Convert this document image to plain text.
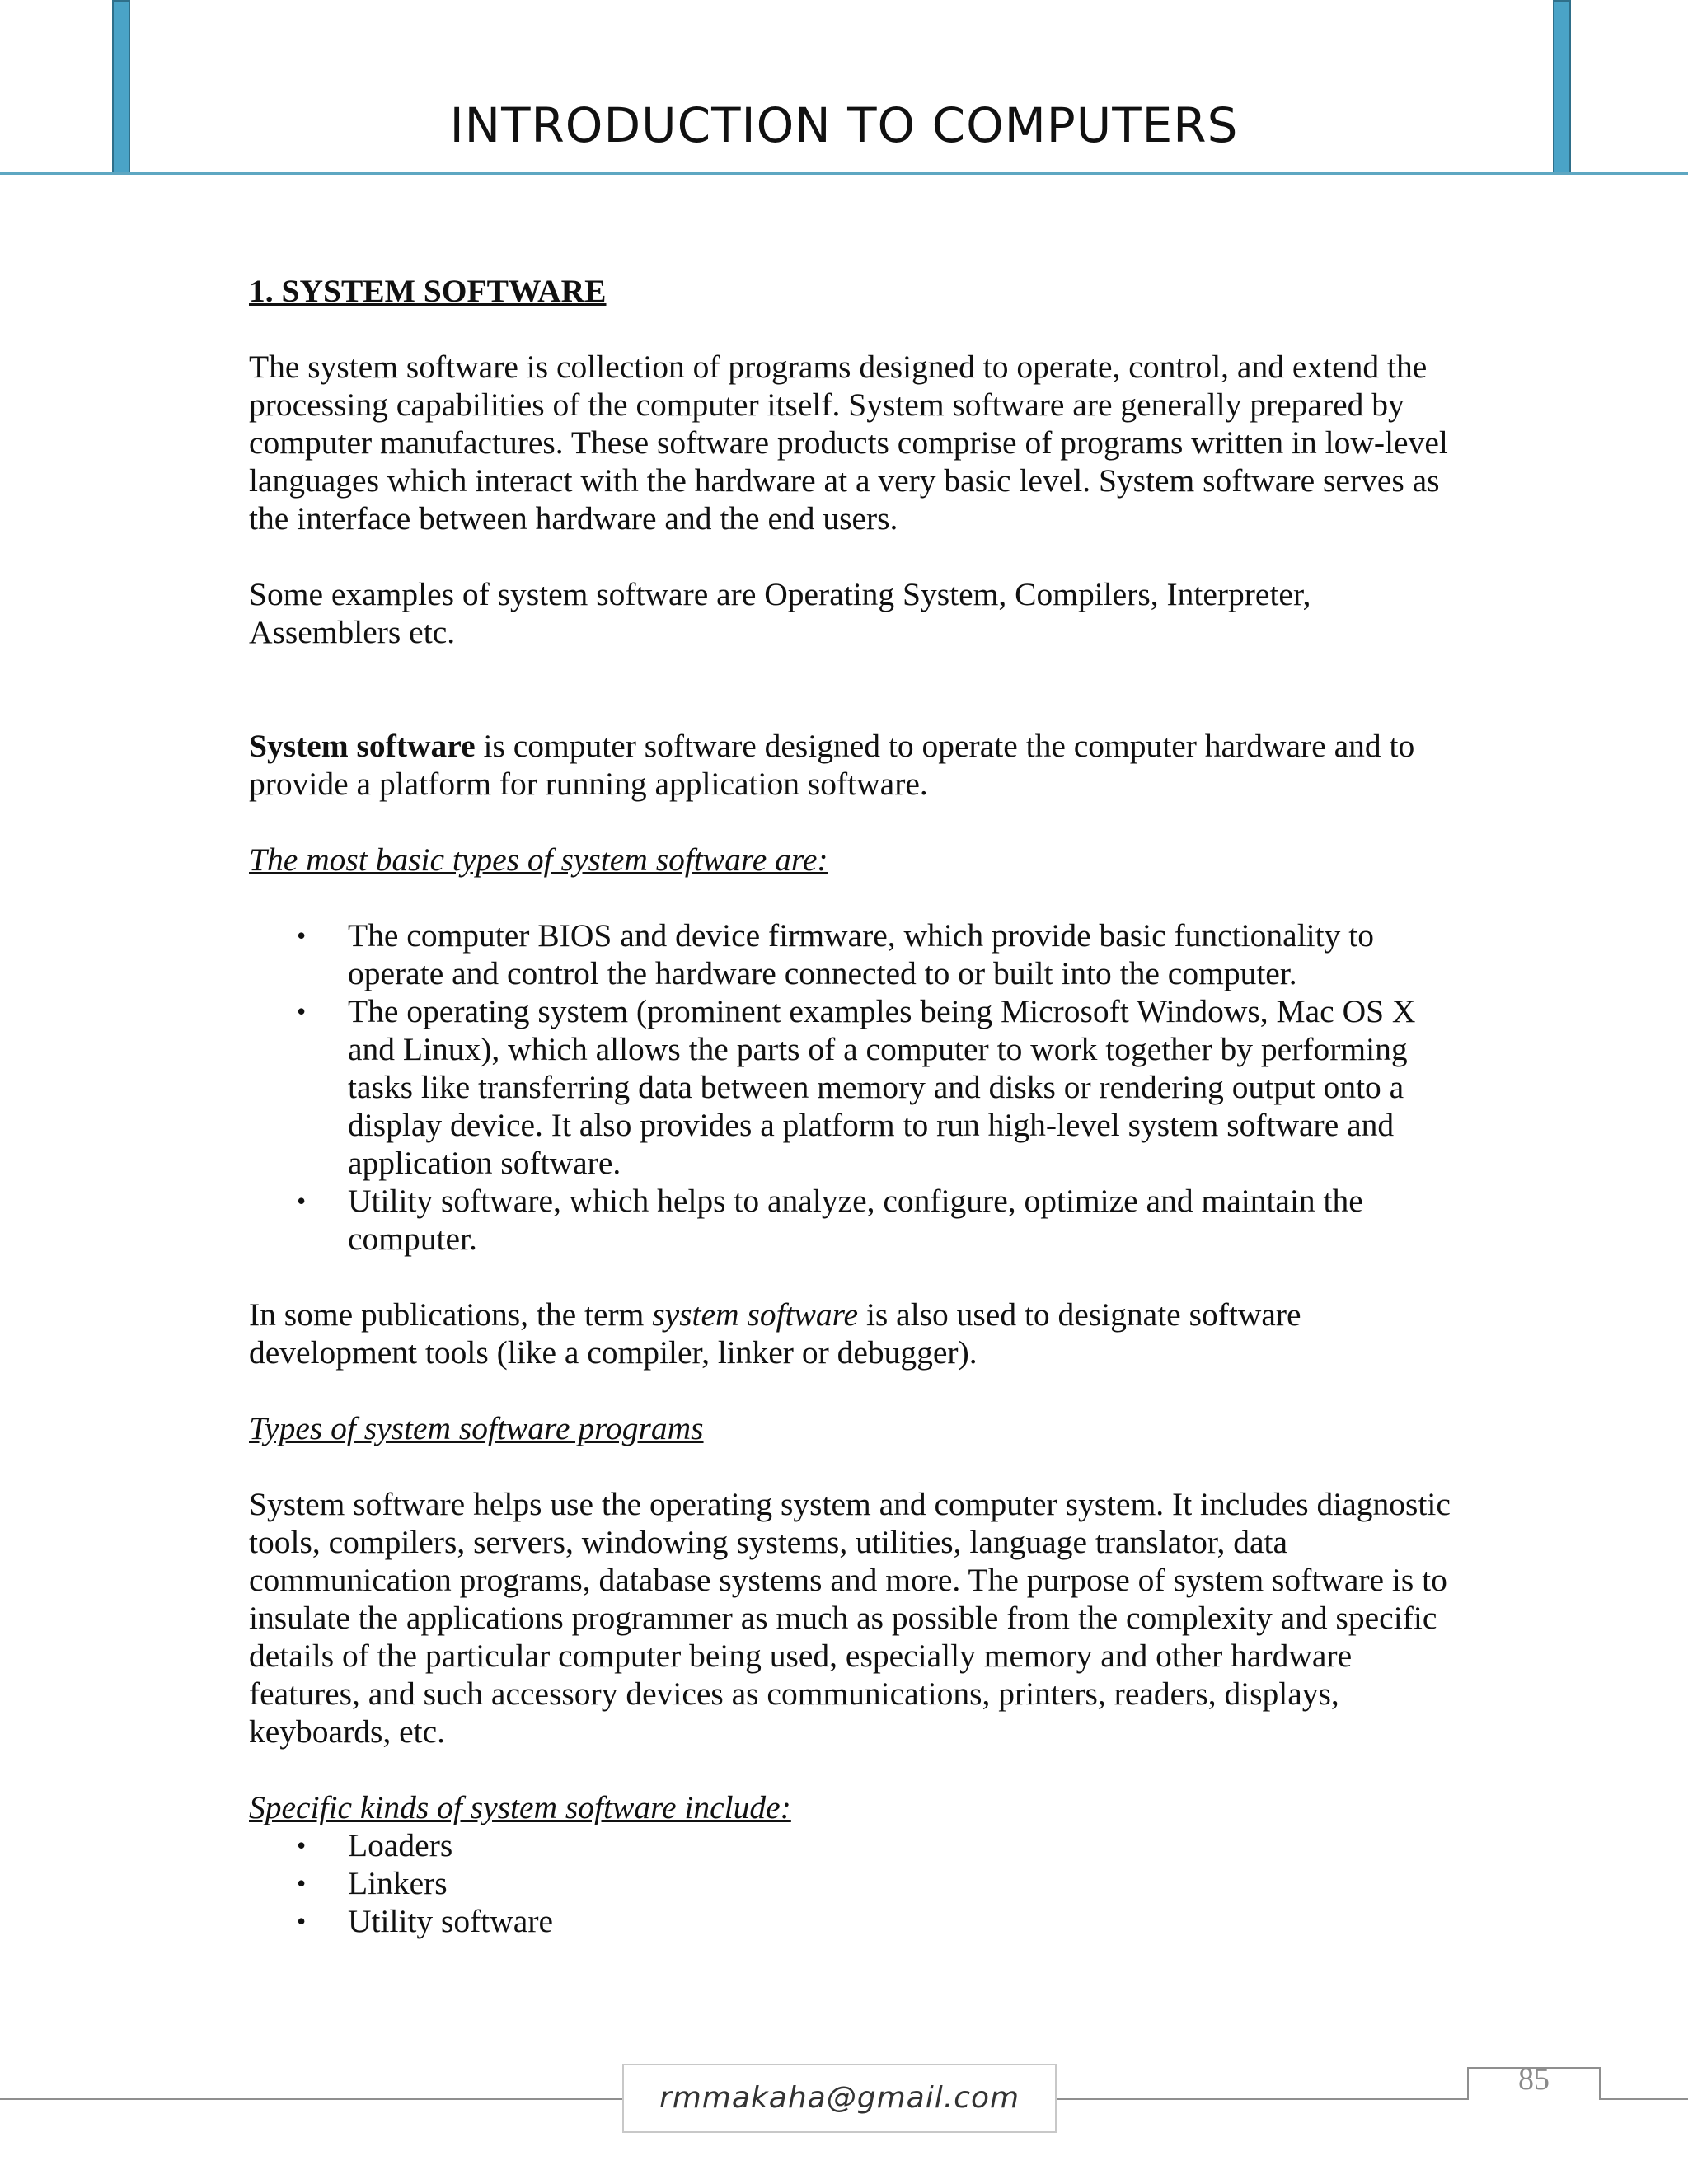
INTRODUCTION TO COMPUTERS

1. SYSTEM SOFTWARE

The system software is collection of programs designed to operate, control, and extend the processing capabilities of the computer itself. System software are generally prepared by computer manufactures. These software products comprise of programs written in low-level languages which interact with the hardware at a very basic level. System software serves as the interface between hardware and the end users.

Some examples of system software are Operating System, Compilers, Interpreter, Assemblers etc.

System software is computer software designed to operate the computer hardware and to provide a platform for running application software.

The most basic types of system software are:

• The computer BIOS and device firmware, which provide basic functionality to operate and control the hardware connected to or built into the computer.
• The operating system (prominent examples being Microsoft Windows, Mac OS X and Linux), which allows the parts of a computer to work together by performing tasks like transferring data between memory and disks or rendering output onto a display device. It also provides a platform to run high-level system software and application software.
• Utility software, which helps to analyze, configure, optimize and maintain the computer.

In some publications, the term system software is also used to designate software development tools (like a compiler, linker or debugger).

Types of system software programs

System software helps use the operating system and computer system. It includes diagnostic tools, compilers, servers, windowing systems, utilities, language translator, data communication programs, database systems and more. The purpose of system software is to insulate the applications programmer as much as possible from the complexity and specific details of the particular computer being used, especially memory and other hardware features, and such accessory devices as communications, printers, readers, displays, keyboards, etc.

Specific kinds of system software include:

• Loaders
• Linkers
• Utility software
rmmakaha@gmail.com
85
